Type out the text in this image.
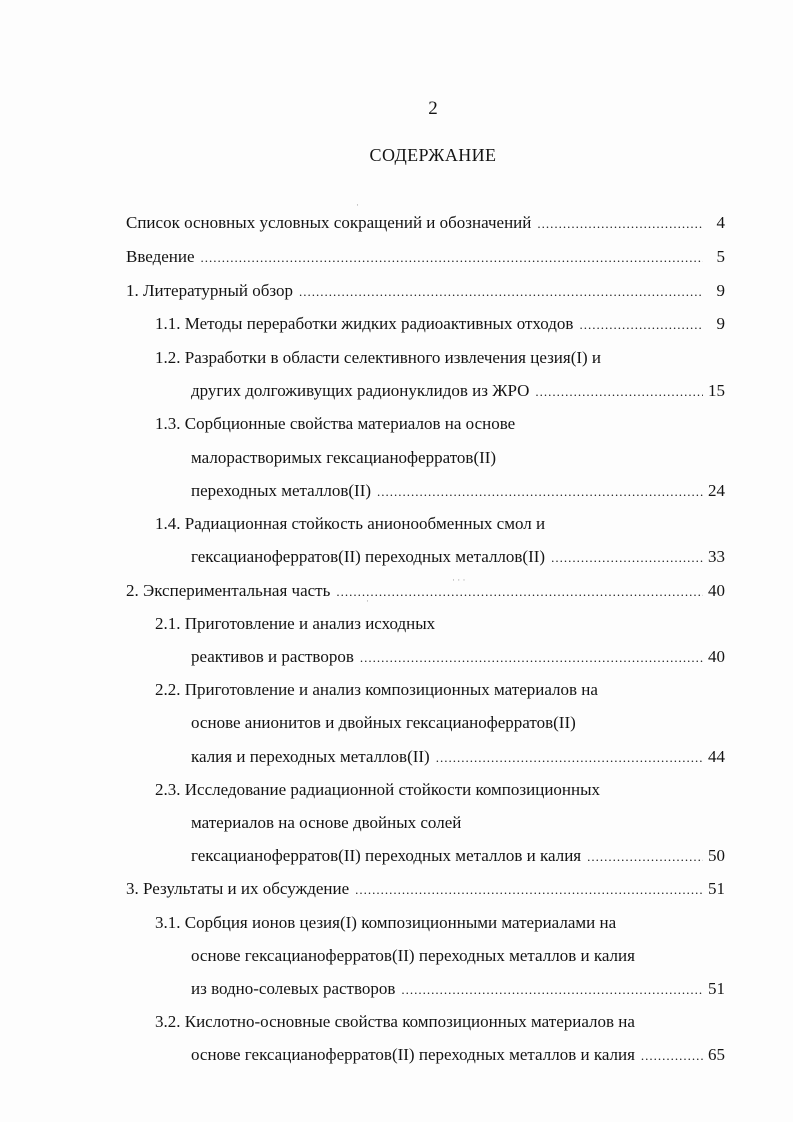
2

СОДЕРЖАНИЕ
Список основных условных сокращений и обозначений .....	4
Введение .....	5
1. Литературный обзор .....	9
1.1. Методы переработки жидких радиоактивных отходов .....	9
1.2. Разработки в области селективного извлечения цезия(I) и
других долгоживущих радионуклидов из ЖРО .....	15
1.3. Сорбционные свойства материалов на основе
малорастворимых гексацианоферратов(II)
переходных металлов(II) .....	24
1.4. Радиационная стойкость анионообменных смол и
гексацианоферратов(II) переходных металлов(II) .....	33
2. Экспериментальная часть .....	40
2.1. Приготовление и анализ исходных
реактивов и растворов .....	40
2.2. Приготовление и анализ композиционных материалов на
основе анионитов и двойных гексацианоферратов(II)
калия и переходных металлов(II) .....	44
2.3. Исследование радиационной стойкости композиционных
материалов на основе двойных солей
гексацианоферратов(II) переходных металлов и калия .....	50
3. Результаты и их обсуждение .....	51
3.1. Сорбция ионов цезия(I) композиционными материалами на
основе гексацианоферратов(II) переходных металлов и калия
из водно-солевых растворов .....	51
3.2. Кислотно-основные свойства композиционных материалов на
основе гексацианоферратов(II) переходных металлов и калия .....	65
·
· · ·
·
